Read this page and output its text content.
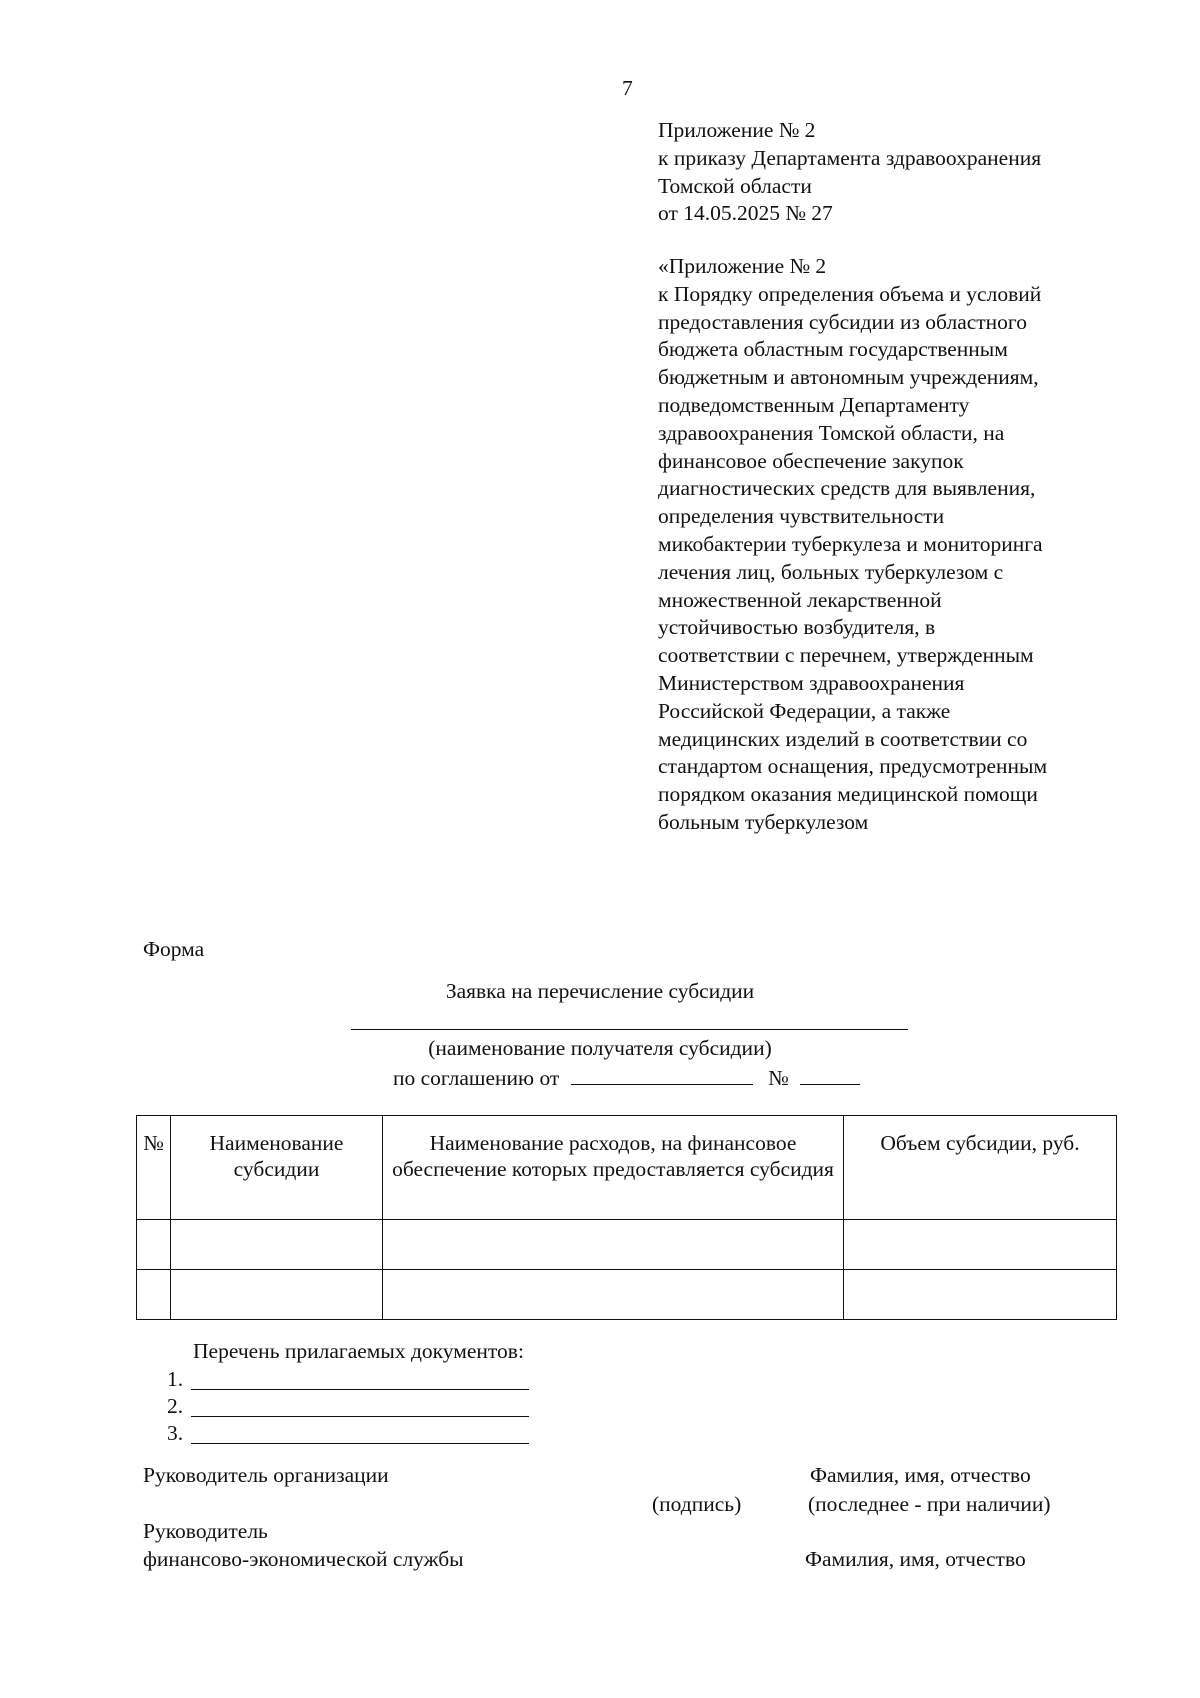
7
Приложение № 2
к приказу Департамента здравоохранения
Томской области
от 14.05.2025 № 27
«Приложение № 2
к Порядку определения объема и условий
предоставления субсидии из областного
бюджета областным государственным
бюджетным и автономным учреждениям,
подведомственным Департаменту
здравоохранения Томской области, на
финансовое обеспечение закупок
диагностических средств для выявления,
определения чувствительности
микобактерии туберкулеза и мониторинга
лечения лиц, больных туберкулезом с
множественной лекарственной
устойчивостью возбудителя, в
соответствии с перечнем, утвержденным
Министерством здравоохранения
Российской Федерации, а также
медицинских изделий в соответствии со
стандартом оснащения, предусмотренным
порядком оказания медицинской помощи
больным туберкулезом
Форма
Заявка на перечисление субсидии
(наименование получателя субсидии)
по соглашению от	№
№	Наименование субсидии	Наименование расходов, на финансовое обеспечение которых предоставляется субсидия	Объем субсидии, руб.

Перечень прилагаемых документов:
1.
2.
3.
Руководитель организации	Фамилия, имя, отчество
(подпись)	(последнее - при наличии)
Руководитель
финансово-экономической службы	Фамилия, имя, отчество
